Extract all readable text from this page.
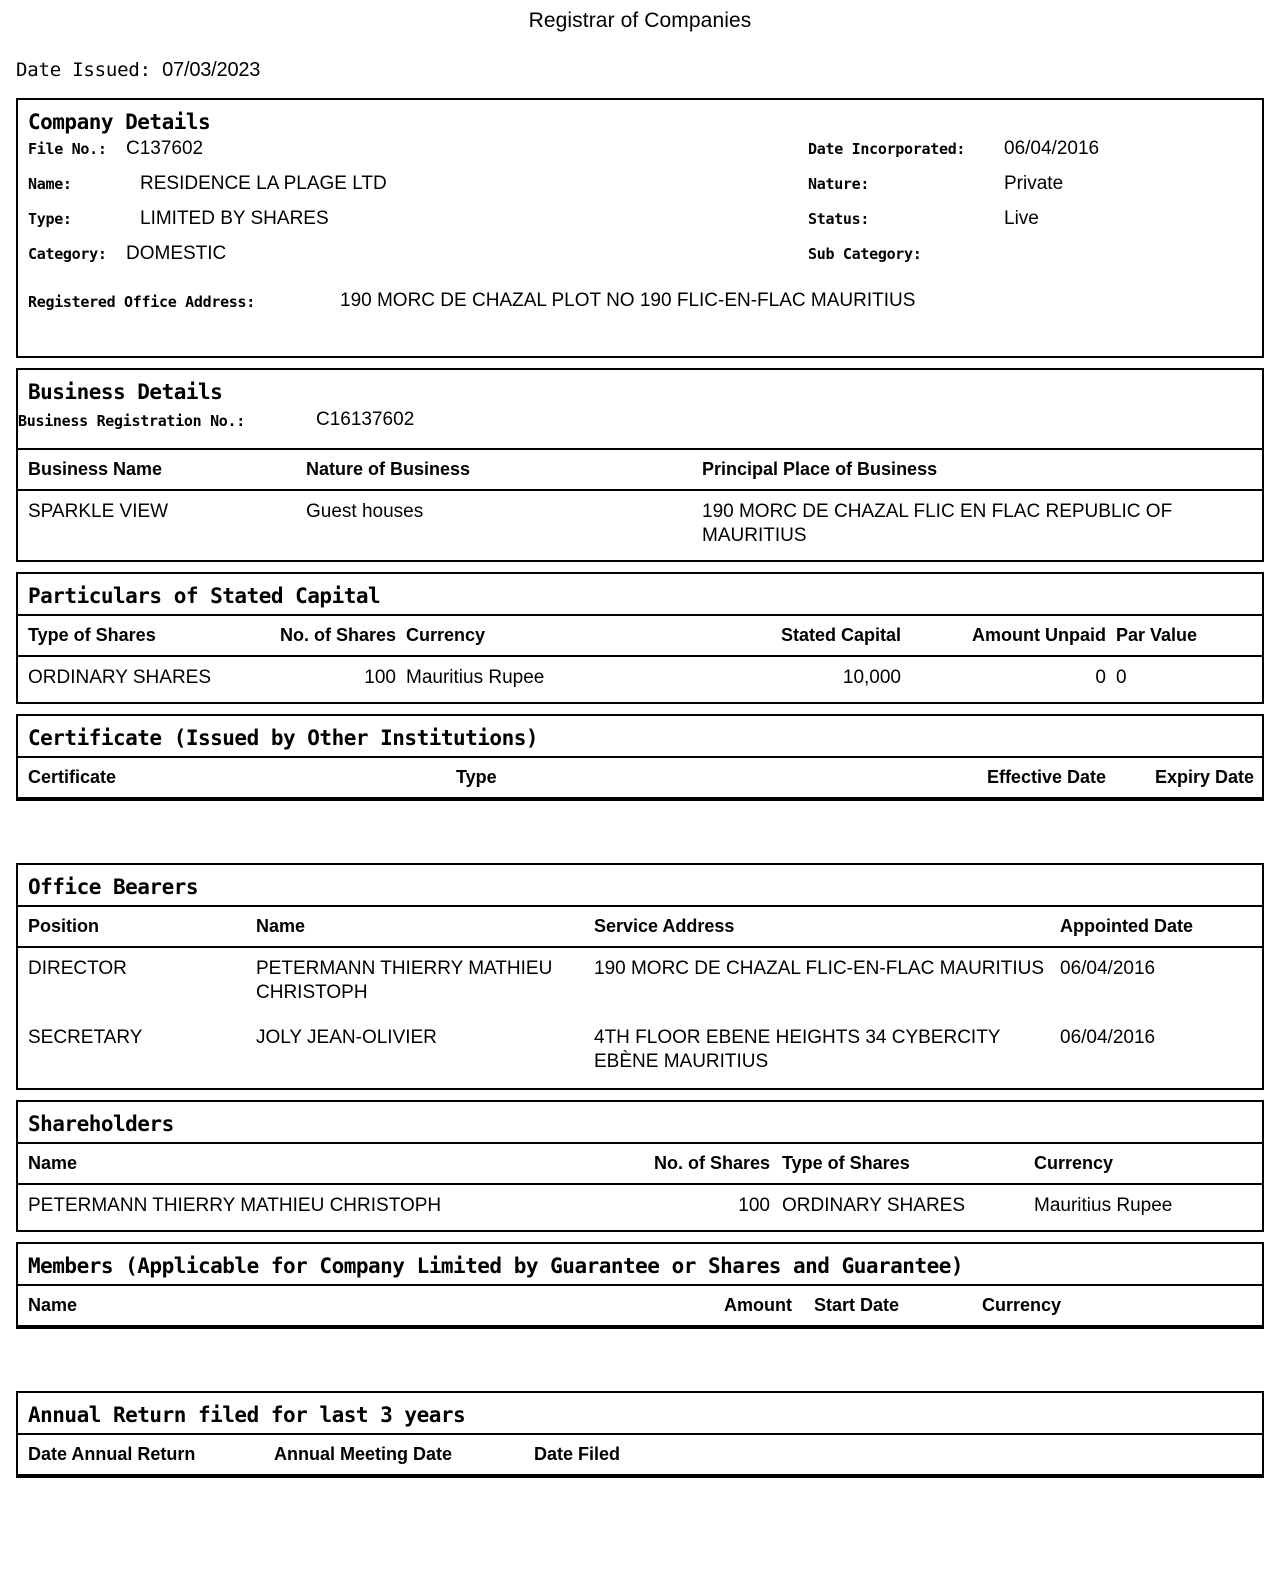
Registrar of Companies
Date Issued: 07/03/2023
Company Details
File No.: C137602	Date Incorporated: 06/04/2016
Name:	RESIDENCE LA PLAGE LTD	Nature:	Private
Type:	LIMITED BY SHARES	Status:	Live
Category: DOMESTIC	Sub Category:
Registered Office Address:	190 MORC DE CHAZAL PLOT NO 190 FLIC-EN-FLAC MAURITIUS
Business Details
Business Registration No.:	C16137602
Business Name	Nature of Business	Principal Place of Business
SPARKLE VIEW	Guest houses	190 MORC DE CHAZAL FLIC EN FLAC REPUBLIC OF MAURITIUS
Particulars of Stated Capital
Type of Shares	No. of Shares	Currency	Stated Capital	Amount Unpaid	Par Value
ORDINARY SHARES	100	Mauritius Rupee	10,000	0	0
Certificate (Issued by Other Institutions)
Certificate	Type	Effective Date	Expiry Date
Office Bearers
Position	Name	Service Address	Appointed Date
DIRECTOR	PETERMANN THIERRY MATHIEU CHRISTOPH	190 MORC DE CHAZAL FLIC-EN-FLAC MAURITIUS	06/04/2016
SECRETARY	JOLY JEAN-OLIVIER	4TH FLOOR EBENE HEIGHTS 34 CYBERCITY EBÈNE MAURITIUS	06/04/2016
Shareholders
Name	No. of Shares	Type of Shares	Currency
PETERMANN THIERRY MATHIEU CHRISTOPH	100	ORDINARY SHARES	Mauritius Rupee
Members (Applicable for Company Limited by Guarantee or Shares and Guarantee)
Name	Amount	Start Date	Currency
Annual Return filed for last 3 years
Date Annual Return	Annual Meeting Date	Date Filed
